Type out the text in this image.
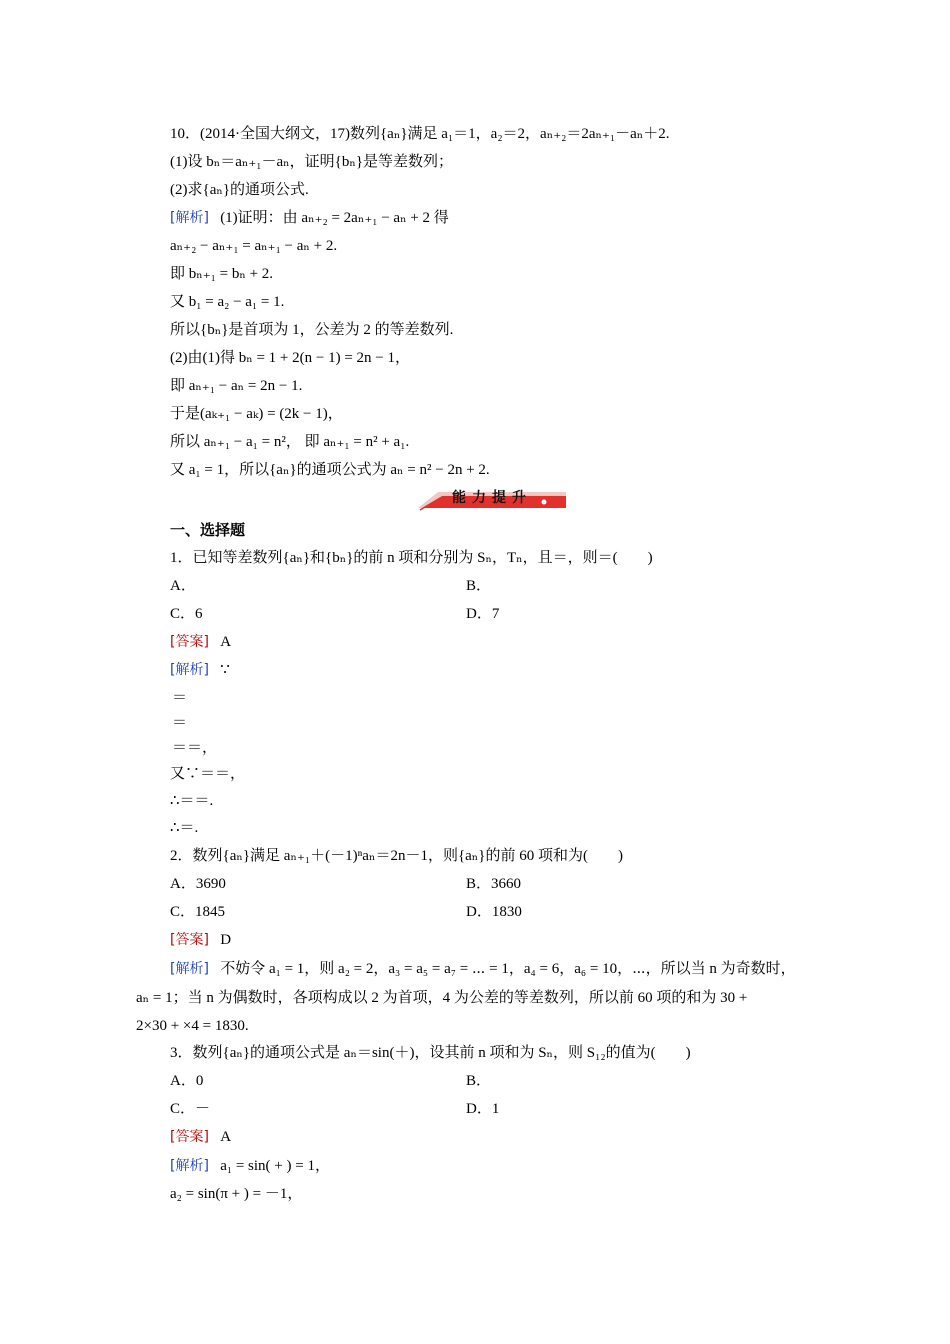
10．(2014·全国大纲文，17)数列{aₙ}满足 a₁＝1，a₂＝2，aₙ₊₂＝2aₙ₊₁－aₙ＋2.
(1)设 bₙ＝aₙ₊₁－aₙ，证明{bₙ}是等差数列；
(2)求{aₙ}的通项公式.
[解析] (1)证明：由 aₙ₊₂ = 2aₙ₊₁ − aₙ + 2 得
aₙ₊₂ − aₙ₊₁ = aₙ₊₁ − aₙ + 2.
即 bₙ₊₁ = bₙ + 2.
又 b₁ = a₂ − a₁ = 1.
所以{bₙ}是首项为 1，公差为 2 的等差数列.
(2)由(1)得 bₙ = 1 + 2(n − 1) = 2n − 1，
即 aₙ₊₁ − aₙ = 2n − 1.
于是(aₖ₊₁ − aₖ) = (2k − 1)，
所以 aₙ₊₁ − a₁ = n²， 即 aₙ₊₁ = n² + a₁.
又 a₁ = 1，所以{aₙ}的通项公式为 aₙ = n² − 2n + 2.
能力提升
一、选择题
1．已知等差数列{aₙ}和{bₙ}的前 n 项和分别为 Sₙ，Tₙ，且＝，则＝(　　)
A．	B．
C．6	D．7
[答案] A
[解析] ∵
＝
＝
＝＝，
又∵＝＝，
∴＝＝.
∴＝.
2．数列{aₙ}满足 aₙ₊₁＋(－1)ⁿaₙ＝2n－1，则{aₙ}的前 60 项和为(　　)
A．3690	B．3660
C．1845	D．1830
[答案] D
[解析] 不妨令 a₁ = 1，则 a₂ = 2，a₃ = a₅ = a₇ = ⋯ = 1，a₄ = 6，a₆ = 10，⋯，所以当 n 为奇数时，
aₙ = 1；当 n 为偶数时，各项构成以 2 为首项，4 为公差的等差数列，所以前 60 项的和为 30 +
2×30 + ×4 = 1830.
3．数列{aₙ}的通项公式是 aₙ＝sin(＋)，设其前 n 项和为 Sₙ，则 S₁₂的值为(　　)
A．0	B．
C．－	D．1
[答案] A
[解析] a₁ = sin( + ) = 1，
a₂ = sin(π + ) = －1，
